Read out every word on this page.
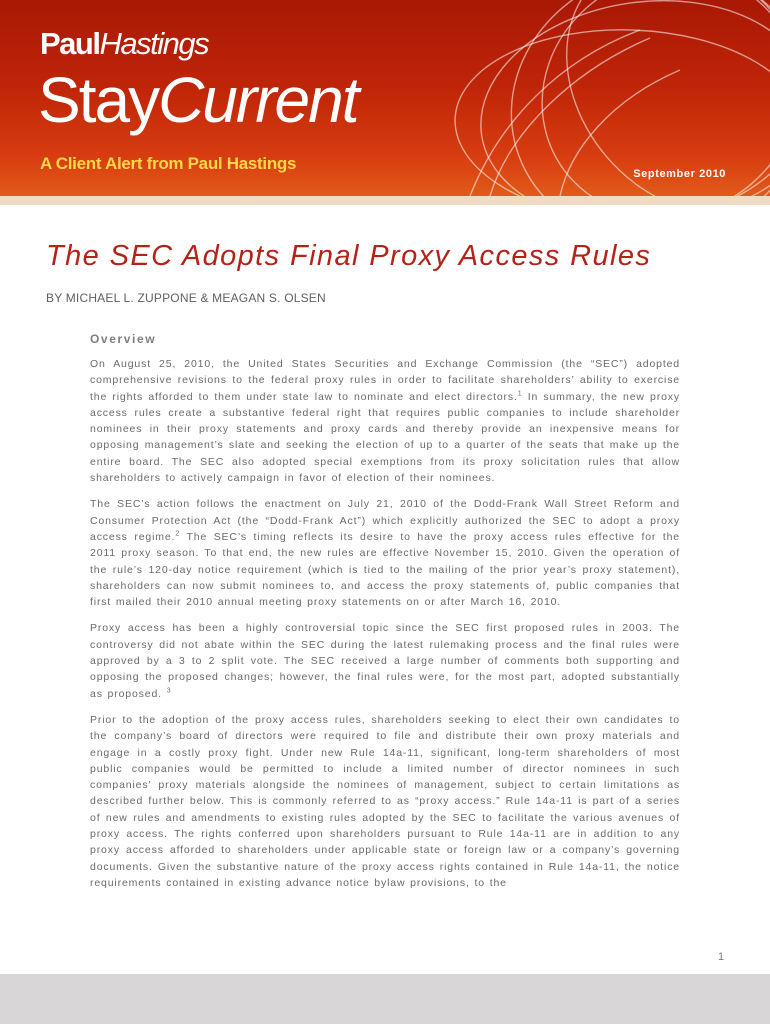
PaulHastings
StayCurrent
A Client Alert from Paul Hastings
September 2010
The SEC Adopts Final Proxy Access Rules

BY MICHAEL L. ZUPPONE & MEAGAN S. OLSEN

Overview

On August 25, 2010, the United States Securities and Exchange Commission (the “SEC”) adopted comprehensive revisions to the federal proxy rules in order to facilitate shareholders’ ability to exercise the rights afforded to them under state law to nominate and elect directors.$^1$ In summary, the new proxy access rules create a substantive federal right that requires public companies to include shareholder nominees in their proxy statements and proxy cards and thereby provide an inexpensive means for opposing management’s slate and seeking the election of up to a quarter of the seats that make up the entire board. The SEC also adopted special exemptions from its proxy solicitation rules that allow shareholders to actively campaign in favor of election of their nominees.

The SEC’s action follows the enactment on July 21, 2010 of the Dodd-Frank Wall Street Reform and Consumer Protection Act (the “Dodd-Frank Act”) which explicitly authorized the SEC to adopt a proxy access regime.$^2$ The SEC’s timing reflects its desire to have the proxy access rules effective for the 2011 proxy season. To that end, the new rules are effective November 15, 2010. Given the operation of the rule’s 120-day notice requirement (which is tied to the mailing of the prior year’s proxy statement), shareholders can now submit nominees to, and access the proxy statements of, public companies that first mailed their 2010 annual meeting proxy statements on or after March 16, 2010.

Proxy access has been a highly controversial topic since the SEC first proposed rules in 2003. The controversy did not abate within the SEC during the latest rulemaking process and the final rules were approved by a 3 to 2 split vote. The SEC received a large number of comments both supporting and opposing the proposed changes; however, the final rules were, for the most part, adopted substantially as proposed. $^3$

Prior to the adoption of the proxy access rules, shareholders seeking to elect their own candidates to the company’s board of directors were required to file and distribute their own proxy materials and engage in a costly proxy fight. Under new Rule 14a-11, significant, long-term shareholders of most public companies would be permitted to include a limited number of director nominees in such companies’ proxy materials alongside the nominees of management, subject to certain limitations as described further below. This is commonly referred to as “proxy access.” Rule 14a-11 is part of a series of new rules and amendments to existing rules adopted by the SEC to facilitate the various avenues of proxy access. The rights conferred upon shareholders pursuant to Rule 14a-11 are in addition to any proxy access afforded to shareholders under applicable state or foreign law or a company’s governing documents. Given the substantive nature of the proxy access rights contained in Rule 14a-11, the notice requirements contained in existing advance notice bylaw provisions, to the

1
